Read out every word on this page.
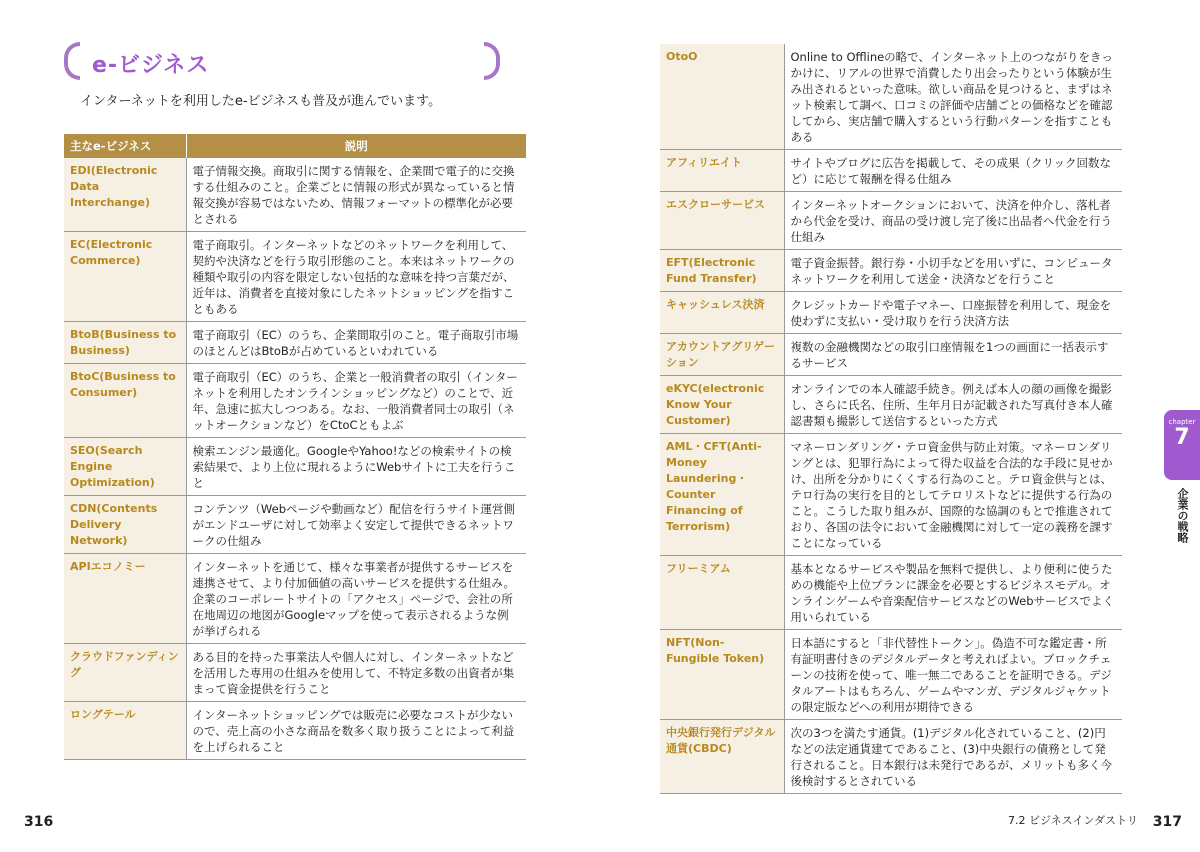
e-ビジネス
インターネットを利用したe-ビジネスも普及が進んでいます。
主なe-ビジネス	説明
EDI(Electronic Data Interchange)	電子情報交換。商取引に関する情報を、企業間で電子的に交換する仕組みのこと。企業ごとに情報の形式が異なっていると情報交換が容易ではないため、情報フォーマットの標準化が必要とされる
EC(Electronic Commerce)	電子商取引。インターネットなどのネットワークを利用して、契約や決済などを行う取引形態のこと。本来はネットワークの種類や取引の内容を限定しない包括的な意味を持つ言葉だが、近年は、消費者を直接対象にしたネットショッピングを指すこともある
BtoB(Business to Business)	電子商取引（EC）のうち、企業間取引のこと。電子商取引市場のほとんどはBtoBが占めているといわれている
BtoC(Business to Consumer)	電子商取引（EC）のうち、企業と一般消費者の取引（インターネットを利用したオンラインショッピングなど）のことで、近年、急速に拡大しつつある。なお、一般消費者同士の取引（ネットオークションなど）をCtoCともよぶ
SEO(Search Engine Optimization)	検索エンジン最適化。GoogleやYahoo!などの検索サイトの検索結果で、より上位に現れるようにWebサイトに工夫を行うこと
CDN(Contents Delivery Network)	コンテンツ（Webページや動画など）配信を行うサイト運営側がエンドユーザに対して効率よく安定して提供できるネットワークの仕組み
APIエコノミー	インターネットを通じて、様々な事業者が提供するサービスを連携させて、より付加価値の高いサービスを提供する仕組み。企業のコーポレートサイトの「アクセス」ページで、会社の所在地周辺の地図がGoogleマップを使って表示されるような例が挙げられる
クラウドファンディング	ある目的を持った事業法人や個人に対し、インターネットなどを活用した専用の仕組みを使用して、不特定多数の出資者が集まって資金提供を行うこと
ロングテール	インターネットショッピングでは販売に必要なコストが少ないので、売上高の小さな商品を数多く取り扱うことによって利益を上げられること
316
OtoO	Online to Offlineの略で、インターネット上のつながりをきっかけに、リアルの世界で消費したり出会ったりという体験が生み出されるといった意味。欲しい商品を見つけると、まずはネット検索して調べ、口コミの評価や店舗ごとの価格などを確認してから、実店舗で購入するという行動パターンを指すこともある
アフィリエイト	サイトやブログに広告を掲載して、その成果（クリック回数など）に応じて報酬を得る仕組み
エスクローサービス	インターネットオークションにおいて、決済を仲介し、落札者から代金を受け、商品の受け渡し完了後に出品者へ代金を行う仕組み
EFT(Electronic Fund Transfer)	電子資金振替。銀行券・小切手などを用いずに、コンピュータネットワークを利用して送金・決済などを行うこと
キャッシュレス決済	クレジットカードや電子マネー、口座振替を利用して、現金を使わずに支払い・受け取りを行う決済方法
アカウントアグリゲーション	複数の金融機関などの取引口座情報を1つの画面に一括表示するサービス
eKYC(electronic Know Your Customer)	オンラインでの本人確認手続き。例えば本人の顔の画像を撮影し、さらに氏名、住所、生年月日が記載された写真付き本人確認書類も撮影して送信するといった方式
AML・CFT(Anti-Money Laundering・Counter Financing of Terrorism)	マネーロンダリング・テロ資金供与防止対策。マネーロンダリングとは、犯罪行為によって得た収益を合法的な手段に見せかけ、出所を分かりにくくする行為のこと。テロ資金供与とは、テロ行為の実行を目的としてテロリストなどに提供する行為のこと。こうした取り組みが、国際的な協調のもとで推進されており、各国の法令において金融機関に対して一定の義務を課すことになっている
フリーミアム	基本となるサービスや製品を無料で提供し、より便利に使うための機能や上位プランに課金を必要とするビジネスモデル。オンラインゲームや音楽配信サービスなどのWebサービスでよく用いられている
NFT(Non-Fungible Token)	日本語にすると「非代替性トークン」。偽造不可な鑑定書・所有証明書付きのデジタルデータと考えればよい。ブロックチェーンの技術を使って、唯一無二であることを証明できる。デジタルアートはもちろん、ゲームやマンガ、デジタルジャケットの限定版などへの利用が期待できる
中央銀行発行デジタル通貨(CBDC)	次の3つを満たす通貨。(1)デジタル化されていること、(2)円などの法定通貨建てであること、(3)中央銀行の債務として発行されること。日本銀行は未発行であるが、メリットも多く今後検討するとされている
chapter
7
企業の戦略
7.2 ビジネスインダストリ 317
